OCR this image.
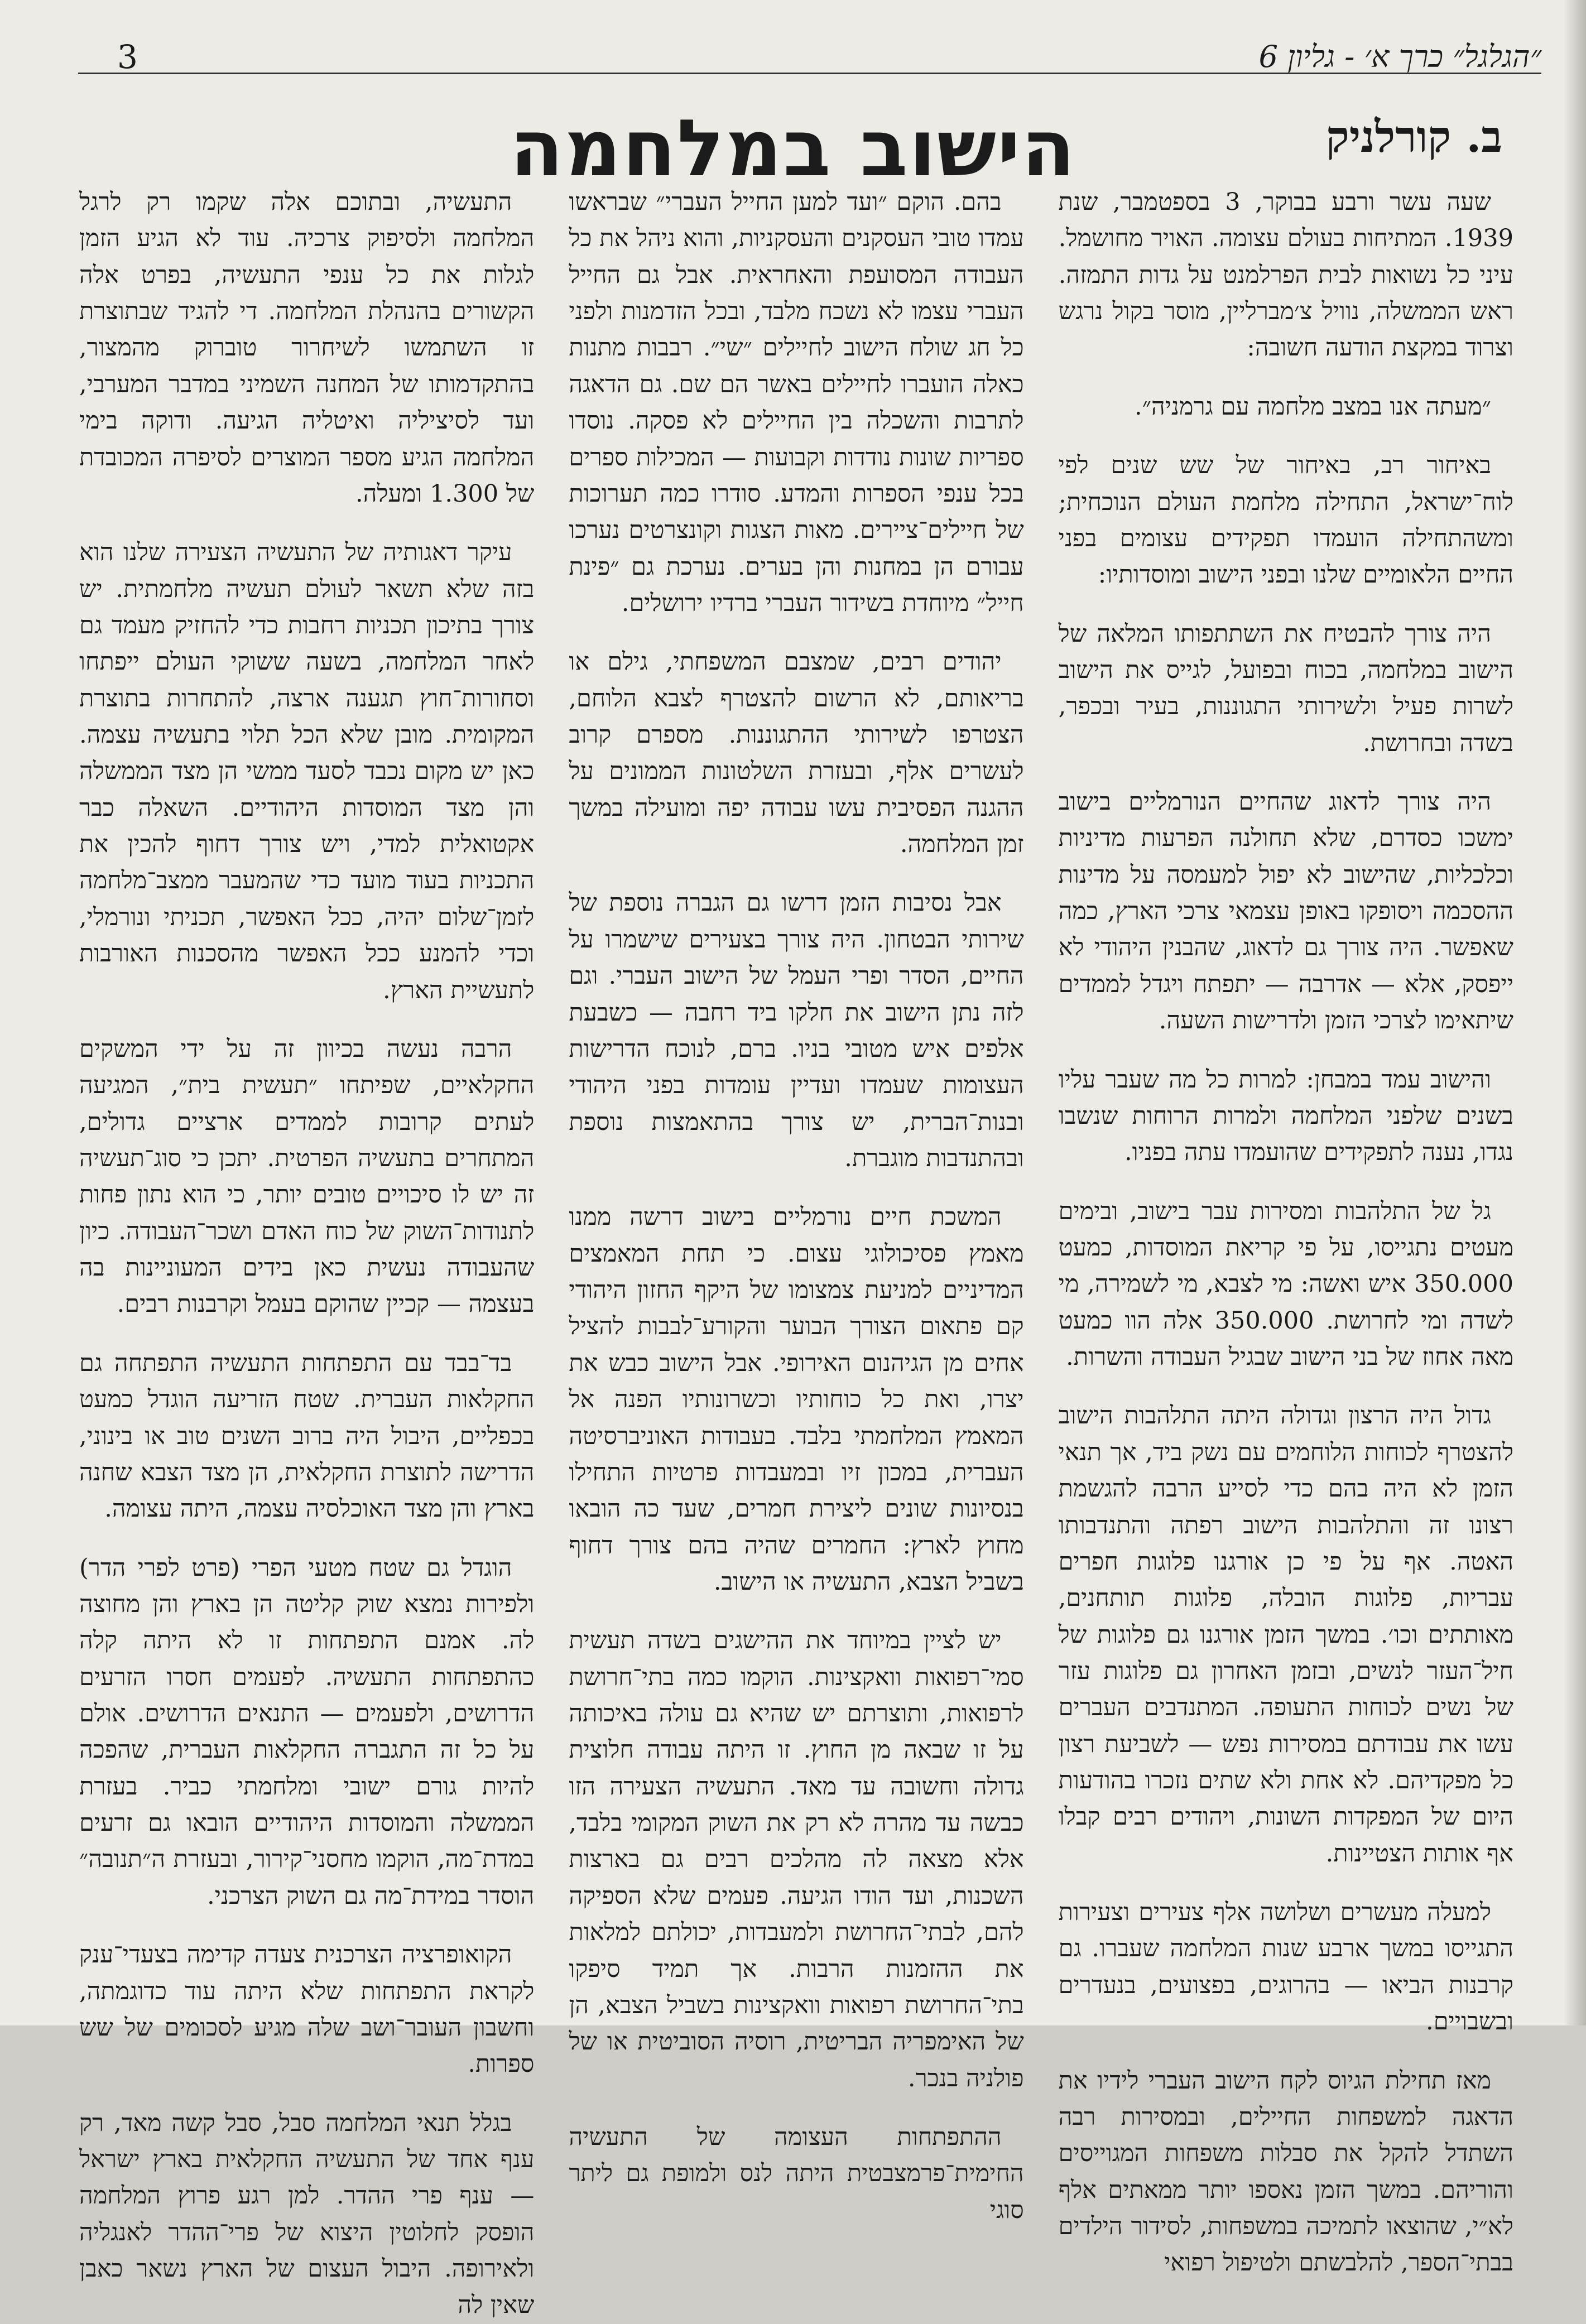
3	״הגלגל״ כרך א׳ - גליון 6
ב. קורלניק
הישוב במלחמה

שעה עשר ורבע בבוקר, 3 בספטמבר, שנת 1939. המתיחות בעולם עצומה. האויר מחושמל. עיני כל נשואות לבית הפרלמנט על גדות התמזה. ראש הממשלה, נוויל צ׳מברליין, מוסר בקול נרגש וצרוד במקצת הודעה חשובה:

״מעתה אנו במצב מלחמה עם גרמניה״.

באיחור רב, באיחור של שש שנים לפי לוח־ישראל, התחילה מלחמת העולם הנוכחית; ומשהתחילה הועמדו תפקידים עצומים בפני החיים הלאומיים שלנו ובפני הישוב ומוסדותיו:

היה צורך להבטיח את השתתפותו המלאה של הישוב במלחמה, בכוח ובפועל, לגייס את הישוב לשרות פעיל ולשירותי התגוננות, בעיר ובכפר, בשדה ובחרושת.

היה צורך לדאוג שהחיים הנורמליים בישוב ימשכו כסדרם, שלא תחולנה הפרעות מדיניות וכלכליות, שהישוב לא יפול למעמסה על מדינות ההסכמה ויסופקו באופן עצמאי צרכי הארץ, כמה שאפשר. היה צורך גם לדאוג, שהבנין היהודי לא ייפסק, אלא — אדרבה — יתפתח ויגדל לממדים שיתאימו לצרכי הזמן ולדרישות השעה.

והישוב עמד במבחן: למרות כל מה שעבר עליו בשנים שלפני המלחמה ולמרות הרוחות שנשבו נגדו, נענה לתפקידים שהועמדו עתה בפניו.

גל של התלהבות ומסירות עבר בישוב, ובימים מעטים נתגייסו, על פי קריאת המוסדות, כמעט 350.000 איש ואשה: מי לצבא, מי לשמירה, מי לשדה ומי לחרושת. 350.000 אלה הוו כמעט מאה אחוז של בני הישוב שבגיל העבודה והשרות.

גדול היה הרצון וגדולה היתה התלהבות הישוב להצטרף לכוחות הלוחמים עם נשק ביד, אך תנאי הזמן לא היה בהם כדי לסייע הרבה להגשמת רצונו זה והתלהבות הישוב רפתה והתנדבותו האטה. אף על פי כן אורגנו פלוגות חפרים עבריות, פלוגות הובלה, פלוגות תותחנים, מאותתים וכו׳. במשך הזמן אורגנו גם פלוגות של חיל־העזר לנשים, ובזמן האחרון גם פלוגות עזר של נשים לכוחות התעופה. המתנדבים העברים עשו את עבודתם במסירות נפש — לשביעת רצון כל מפקדיהם. לא אחת ולא שתים נזכרו בהודעות היום של המפקדות השונות, ויהודים רבים קבלו אף אותות הצטיינות.

למעלה מעשרים ושלושה אלף צעירים וצעירות התגייסו במשך ארבע שנות המלחמה שעברו. גם קרבנות הביאו — בהרוגים, בפצועים, בנעדרים ובשבויים.

מאז תחילת הגיוס לקח הישוב העברי לידיו את הדאגה למשפחות החיילים, ובמסירות רבה השתדל להקל את סבלות משפחות המגוייסים והוריהם. במשך הזמן נאספו יותר ממאתים אלף לא״י, שהוצאו לתמיכה במשפחות, לסידור הילדים בבתי־הספר, להלבשתם ולטיפול רפואי

בהם. הוקם ״ועד למען החייל העברי״ שבראשו עמדו טובי העסקנים והעסקניות, והוא ניהל את כל העבודה המסועפת והאחראית. אבל גם החייל העברי עצמו לא נשכח מלבד, ובכל הזדמנות ולפני כל חג שולח הישוב לחיילים ״שי״. רבבות מתנות כאלה הועברו לחיילים באשר הם שם. גם הדאגה לתרבות והשכלה בין החיילים לא פסקה. נוסדו ספריות שונות נודדות וקבועות — המכילות ספרים בכל ענפי הספרות והמדע. סודרו כמה תערוכות של חיילים־ציירים. מאות הצגות וקונצרטים נערכו עבורם הן במחנות והן בערים. נערכת גם ״פינת חייל״ מיוחדת בשידור העברי ברדיו ירושלים.

יהודים רבים, שמצבם המשפחתי, גילם או בריאותם, לא הרשום להצטרף לצבא הלוחם, הצטרפו לשירותי ההתגוננות. מספרם קרוב לעשרים אלף, ובעזרת השלטונות הממונים על ההגנה הפסיבית עשו עבודה יפה ומועילה במשך זמן המלחמה.

אבל נסיבות הזמן דרשו גם הגברה נוספת של שירותי הבטחון. היה צורך בצעירים שישמרו על החיים, הסדר ופרי העמל של הישוב העברי. וגם לזה נתן הישוב את חלקו ביד רחבה — כשבעת אלפים איש מטובי בניו. ברם, לנוכח הדרישות העצומות שעמדו ועדיין עומדות בפני היהודי ובנות־הברית, יש צורך בהתאמצות נוספת ובהתנדבות מוגברת.

המשכת חיים נורמליים בישוב דרשה ממנו מאמץ פסיכולוגי עצום. כי תחת המאמצים המדיניים למניעת צמצומו של היקף החזון היהודי קם פתאום הצורך הבוער והקורע־לבבות להציל אחים מן הגיהנום האירופי. אבל הישוב כבש את יצרו, ואת כל כוחותיו וכשרונותיו הפנה אל המאמץ המלחמתי בלבד. בעבודות האוניברסיטה העברית, במכון זיו ובמעבדות פרטיות התחילו בנסיונות שונים ליצירת חמרים, שעד כה הובאו מחוץ לארץ: החמרים שהיה בהם צורך דחוף בשביל הצבא, התעשיה או הישוב.

יש לציין במיוחד את ההישגים בשדה תעשית סמי־רפואות וואקצינות. הוקמו כמה בתי־חרושת לרפואות, ותוצרתם יש שהיא גם עולה באיכותה על זו שבאה מן החוץ. זו היתה עבודה חלוצית גדולה וחשובה עד מאד. התעשיה הצעירה הזו כבשה עד מהרה לא רק את השוק המקומי בלבד, אלא מצאה לה מהלכים רבים גם בארצות השכנות, ועד הודו הגיעה. פעמים שלא הספיקה להם, לבתי־החרושת ולמעבדות, יכולתם למלאות את ההזמנות הרבות. אך תמיד סיפקו בתי־החרושת רפואות וואקצינות בשביל הצבא, הן של האימפריה הבריטית, רוסיה הסוביטית או של פולניה בנכר.

ההתפתחות העצומה של התעשיה החימית־פרמצבטית היתה לנס ולמופת גם ליתר סוגי

התעשיה, ובתוכם אלה שקמו רק לרגל המלחמה ולסיפוק צרכיה. עוד לא הגיע הזמן לגלות את כל ענפי התעשיה, בפרט אלה הקשורים בהנהלת המלחמה. די להגיד שבתוצרת זו השתמשו לשיחרור טוברוק מהמצור, בהתקדמותו של המחנה השמיני במדבר המערבי, ועד לסיציליה ואיטליה הגיעה. ודוקה בימי המלחמה הגיע מספר המוצרים לסיפרה המכובדת של 1.300 ומעלה.

עיקר דאגותיה של התעשיה הצעירה שלנו הוא בזה שלא תשאר לעולם תעשיה מלחמתית. יש צורך בתיכון תכניות רחבות כדי להחזיק מעמד גם לאחר המלחמה, בשעה ששוקי העולם ייפתחו וסחורות־חוץ תגענה ארצה, להתחרות בתוצרת המקומית. מובן שלא הכל תלוי בתעשיה עצמה. כאן יש מקום נכבד לסעד ממשי הן מצד הממשלה והן מצד המוסדות היהודיים. השאלה כבר אקטואלית למדי, ויש צורך דחוף להכין את התכניות בעוד מועד כדי שהמעבר ממצב־מלחמה לזמן־שלום יהיה, ככל האפשר, תכניתי ונורמלי, וכדי להמנע ככל האפשר מהסכנות האורבות לתעשיית הארץ.

הרבה נעשה בכיוון זה על ידי המשקים החקלאיים, שפיתחו ״תעשית בית״, המגיעה לעתים קרובות לממדים ארציים גדולים, המתחרים בתעשיה הפרטית. יתכן כי סוג־תעשיה זה יש לו סיכויים טובים יותר, כי הוא נתון פחות לתנודות־השוק של כוח האדם ושכר־העבודה. כיון שהעבודה נעשית כאן בידים המעוניינות בה בעצמה — קכיין שהוקם בעמל וקרבנות רבים.

בד־בבד עם התפתחות התעשיה התפתחה גם החקלאות העברית. שטח הזריעה הוגדל כמעט בכפליים, היבול היה ברוב השנים טוב או בינוני, הדרישה לתוצרת החקלאית, הן מצד הצבא שחנה בארץ והן מצד האוכלסיה עצמה, היתה עצומה.

הוגדל גם שטח מטעי הפרי (פרט לפרי הדר) ולפירות נמצא שוק קליטה הן בארץ והן מחוצה לה. אמנם התפתחות זו לא היתה קלה כהתפתחות התעשיה. לפעמים חסרו הזרעים הדרושים, ולפעמים — התנאים הדרושים. אולם על כל זה התגברה החקלאות העברית, שהפכה להיות גורם ישובי ומלחמתי כביר. בעזרת הממשלה והמוסדות היהודיים הובאו גם זרעים במדת־מה, הוקמו מחסני־קירור, ובעזרת ה״תנובה״ הוסדר במידת־מה גם השוק הצרכני.

הקואופרציה הצרכנית צעדה קדימה בצעדי־ענק לקראת התפתחות שלא היתה עוד כדוגמתה, וחשבון העובר־ושב שלה מגיע לסכומים של שש ספרות.

בגלל תנאי המלחמה סבל, סבל קשה מאד, רק ענף אחד של התעשיה החקלאית בארץ ישראל — ענף פרי ההדר. למן רגע פרוץ המלחמה הופסק לחלוטין היצוא של פרי־ההדר לאנגליה ולאירופה. היבול העצום של הארץ נשאר כאבן שאין לה
